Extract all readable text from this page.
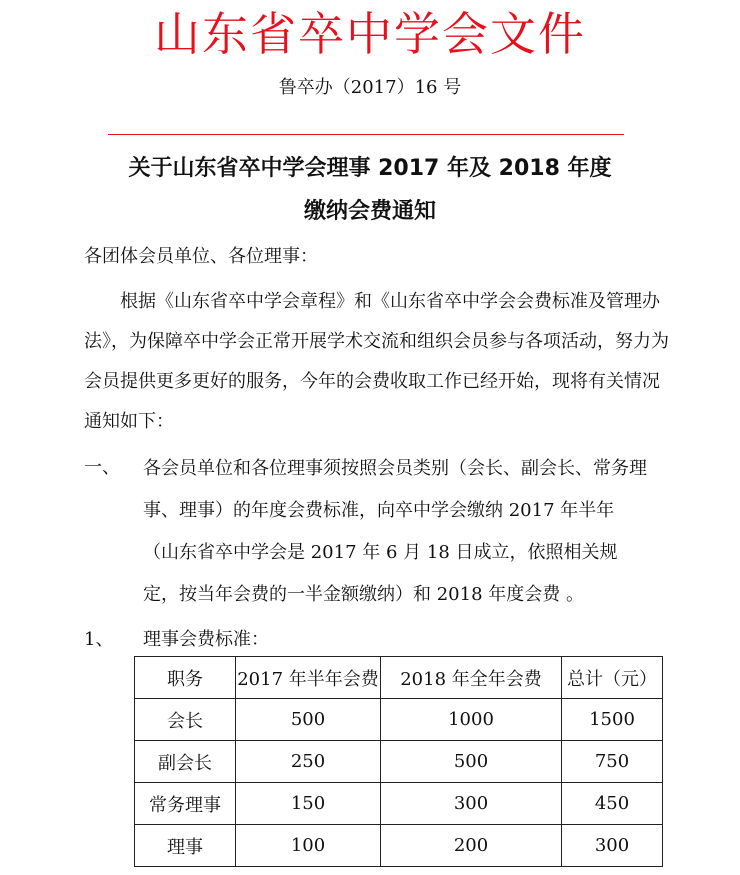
山东省卒中学会文件
鲁卒办（2017）16 号
关于山东省卒中学会理事 2017 年及 2018 年度
缴纳会费通知
各团体会员单位、各位理事：
根据《山东省卒中学会章程》和《山东省卒中学会会费标准及管理办法》，为保障卒中学会正常开展学术交流和组织会员参与各项活动，努力为会员提供更多更好的服务，今年的会费收取工作已经开始，现将有关情况通知如下：
一、 各会员单位和各位理事须按照会员类别（会长、副会长、常务理事、理事）的年度会费标准，向卒中学会缴纳 2017 年半年（山东省卒中学会是 2017 年 6 月 18 日成立，依照相关规定，按当年会费的一半金额缴纳）和 2018 年度会费 。
1、 理事会费标准：
职务	2017 年半年会费	2018 年全年会费	总计（元）
会长	500	1000	1500
副会长	250	500	750
常务理事	150	300	450
理事	100	200	300
